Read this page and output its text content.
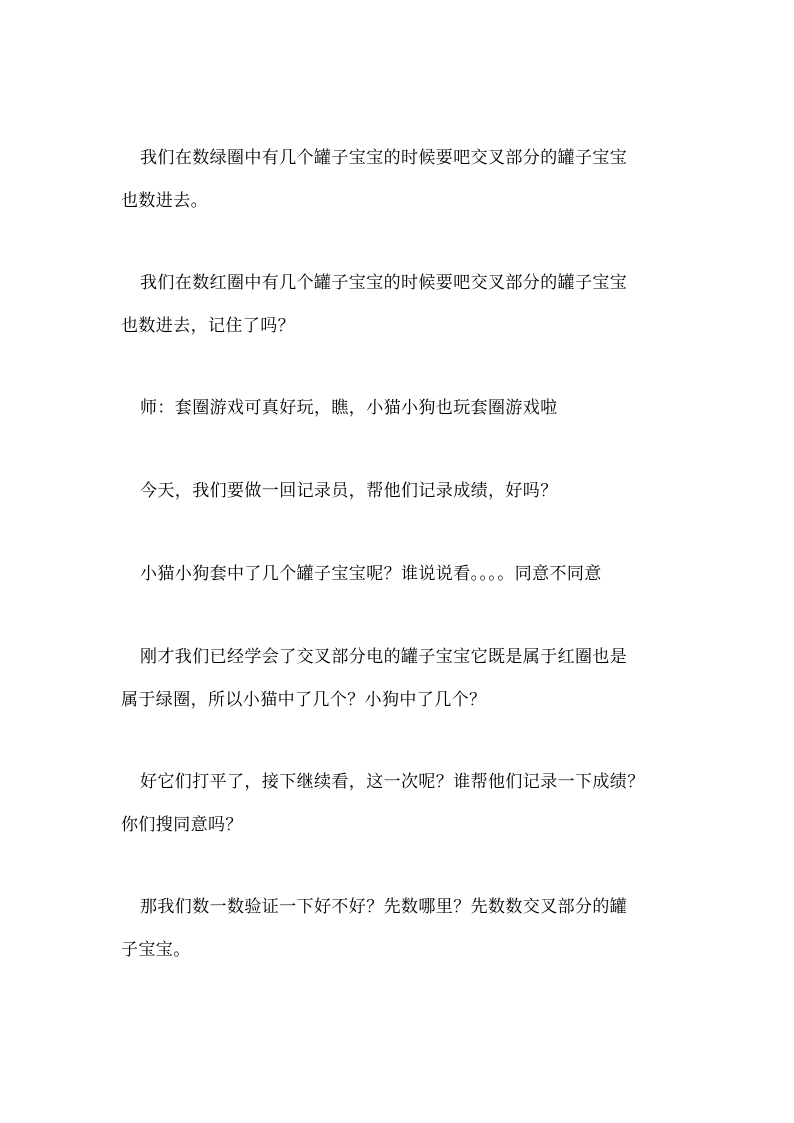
我们在数绿圈中有几个罐子宝宝的时候要吧交叉部分的罐子宝宝
也数进去。

我们在数红圈中有几个罐子宝宝的时候要吧交叉部分的罐子宝宝
也数进去，记住了吗？

师：套圈游戏可真好玩，瞧，小猫小狗也玩套圈游戏啦

今天，我们要做一回记录员，帮他们记录成绩，好吗？

小猫小狗套中了几个罐子宝宝呢？谁说说看。。。。同意不同意

刚才我们已经学会了交叉部分电的罐子宝宝它既是属于红圈也是
属于绿圈，所以小猫中了几个？小狗中了几个？

好它们打平了，接下继续看，这一次呢？谁帮他们记录一下成绩？
你们搜同意吗？

那我们数一数验证一下好不好？先数哪里？先数数交叉部分的罐
子宝宝。
